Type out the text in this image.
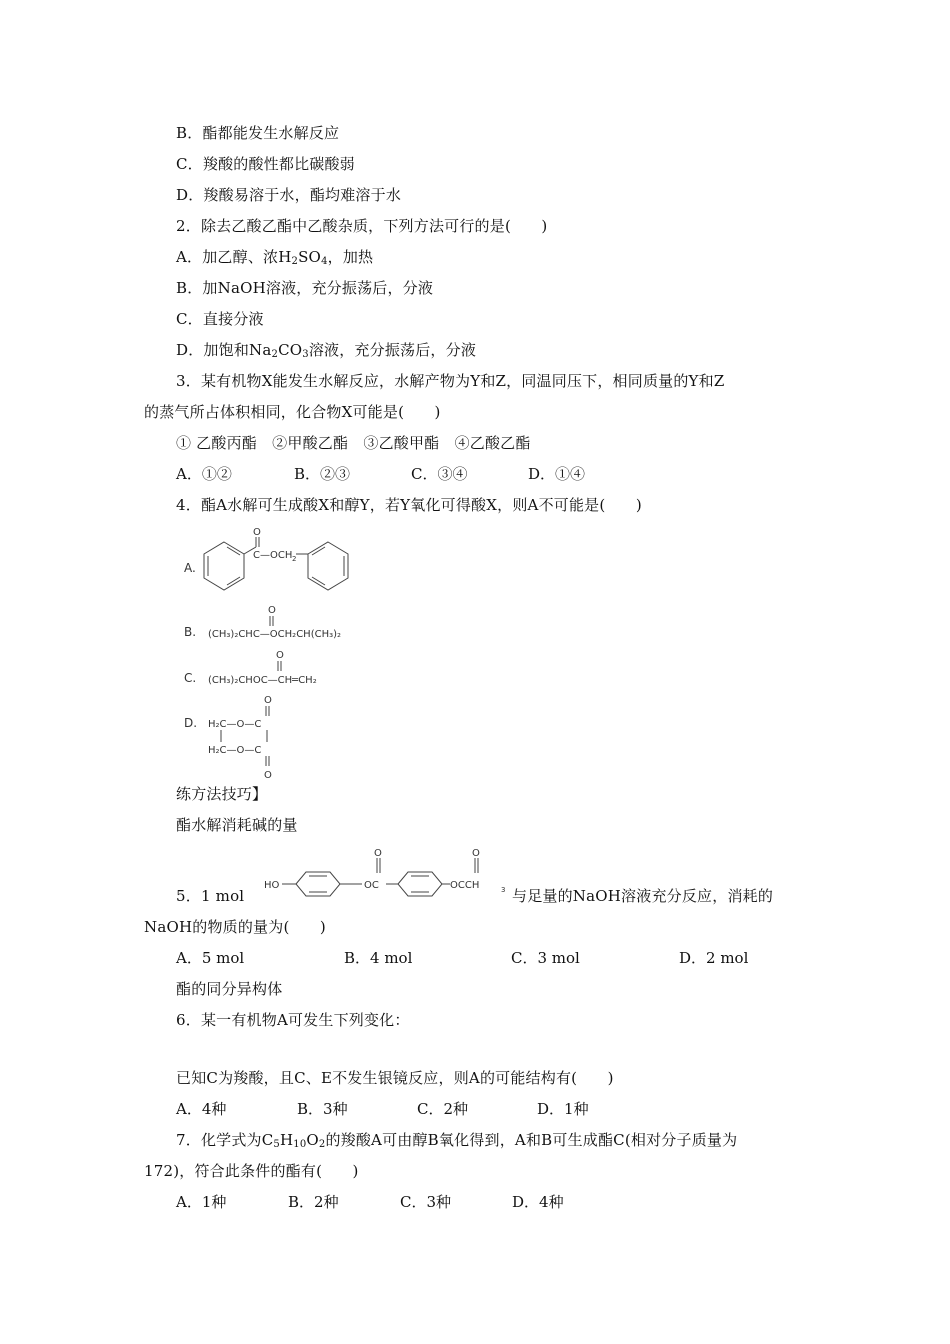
B．酯都能发生水解反应
C．羧酸的酸性都比碳酸弱
D．羧酸易溶于水，酯均难溶于水
2．除去乙酸乙酯中乙酸杂质，下列方法可行的是(　　)
A．加乙醇、浓$H_2SO_4$，加热
B．加NaOH溶液，充分振荡后，分液
C．直接分液
D．加饱和$Na_2CO_3$溶液，充分振荡后，分液
3．某有机物X能发生水解反应，水解产物为Y和Z，同温同压下，相同质量的Y和Z
的蒸气所占体积相同，化合物X可能是(　　)
① 乙酸丙酯　②甲酸乙酯　③乙酸甲酯　④乙酸乙酯
A．①②	B．②③	C．③④	D．①④
4．酯A水解可生成酸X和醇Y，若Y氧化可得酸X，则A不可能是(　　)
A.
O
C—OCH 2
B.
O
(CH₃)₂CHC—OCH₂CH(CH₃)₂
C.
O
(CH₃)₂CHOC—CH═CH₂
D.
O
H₂C—O—C
H₂C—O—C
O
练方法技巧】
酯水解消耗碱的量
5．1 mol
HO
O
OC
O
OCCH	3 与足量的NaOH溶液充分反应，消耗的
NaOH的物质的量为(　　)
A．5 mol	B．4 mol	C．3 mol	D．2 mol
酯的同分异构体
6．某一有机物A可发生下列变化：
已知C为羧酸，且C、E不发生银镜反应，则A的可能结构有(　　)
A．4种	B．3种	C．2种	D．1种
7．化学式为$C_5H_{10}O_2$的羧酸A可由醇B氧化得到，A和B可生成酯C(相对分子质量为
172)，符合此条件的酯有(　　)
A．1种	B．2种	C．3种	D．4种
